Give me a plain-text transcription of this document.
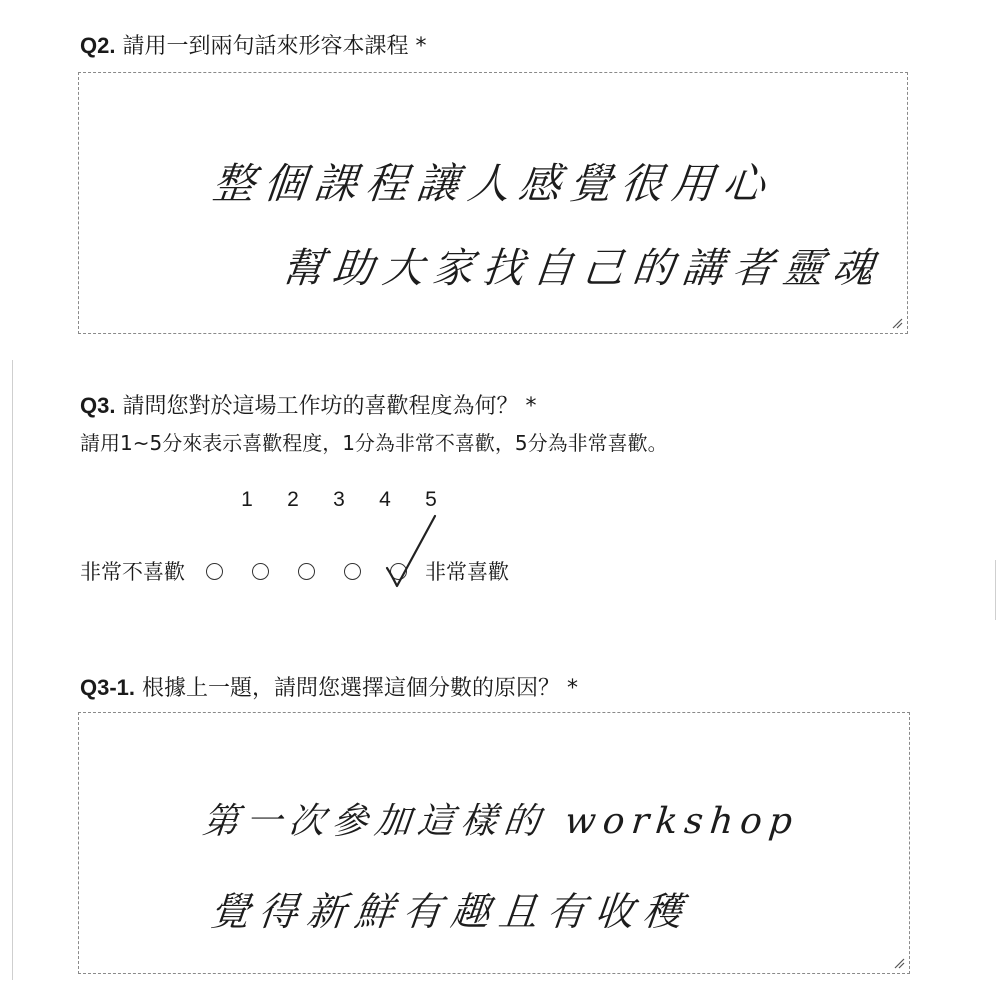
Q2. 請用一到兩句話來形容本課程 *
整個課程讓人感覺很用心
幫助大家找自己的講者靈魂
Q3. 請問您對於這場工作坊的喜歡程度為何？ *
請用1~5分來表示喜歡程度，1分為非常不喜歡，5分為非常喜歡。
1	2	3	4	5
非常不喜歡	非常喜歡
Q3-1. 根據上一題，請問您選擇這個分數的原因？ *
第一次參加這樣的 workshop
覺得新鮮有趣且有收穫
